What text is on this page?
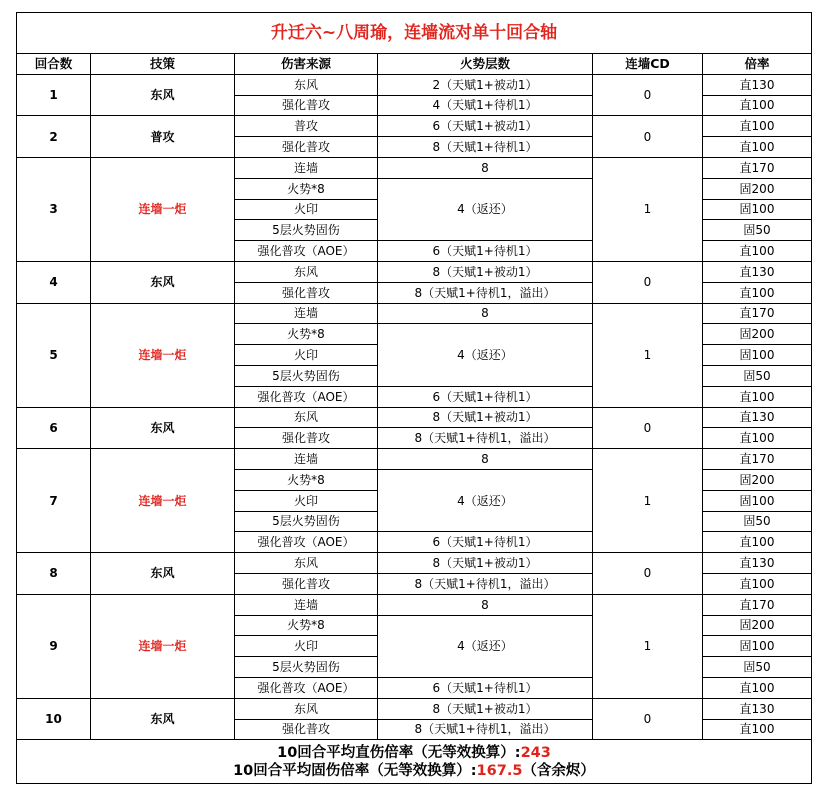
升迁六~八周瑜，连墙流对单十回合轴					
回合数	技策	伤害来源	火势层数	连墙CD	倍率
1	东风	东风	2（天赋1+被动1）	0	直130
		强化普攻	4（天赋1+待机1）		直100
2	普攻	普攻	6（天赋1+被动1）	0	直100
		强化普攻	8（天赋1+待机1）		直100
3	连墙一炬	连墙	8	1	直170
		火势*8	4（返还）		固200
		火印			固100
		5层火势固伤			固50
		强化普攻（AOE）	6（天赋1+待机1）		直100
4	东风	东风	8（天赋1+被动1）	0	直130
		强化普攻	8（天赋1+待机1，溢出）		直100
5	连墙一炬	连墙	8	1	直170
		火势*8	4（返还）		固200
		火印			固100
		5层火势固伤			固50
		强化普攻（AOE）	6（天赋1+待机1）		直100
6	东风	东风	8（天赋1+被动1）	0	直130
		强化普攻	8（天赋1+待机1，溢出）		直100
7	连墙一炬	连墙	8	1	直170
		火势*8	4（返还）		固200
		火印			固100
		5层火势固伤			固50
		强化普攻（AOE）	6（天赋1+待机1）		直100
8	东风	东风	8（天赋1+被动1）	0	直130
		强化普攻	8（天赋1+待机1，溢出）		直100
9	连墙一炬	连墙	8	1	直170
		火势*8	4（返还）		固200
		火印			固100
		5层火势固伤			固50
		强化普攻（AOE）	6（天赋1+待机1）		直100
10	东风	东风	8（天赋1+被动1）	0	直130
		强化普攻	8（天赋1+待机1，溢出）		直100

10回合平均直伤倍率（无等效换算）:243
10回合平均固伤倍率（无等效换算）:167.5（含余烬）					
